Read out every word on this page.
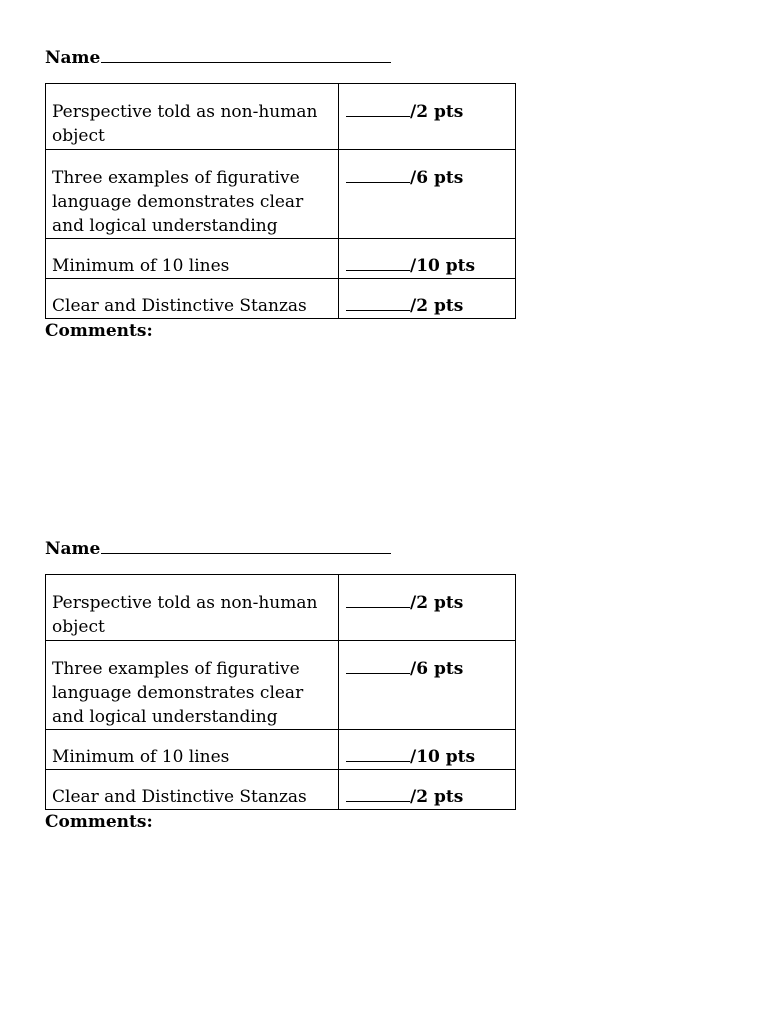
Name
Perspective told as non-human object	/2 pts
Three examples of figurative language demonstrates clear and logical understanding	/6 pts
Minimum of 10 lines	/10 pts
Clear and Distinctive Stanzas	/2 pts

Comments:

Name
Perspective told as non-human object	/2 pts
Three examples of figurative language demonstrates clear and logical understanding	/6 pts
Minimum of 10 lines	/10 pts
Clear and Distinctive Stanzas	/2 pts

Comments:
